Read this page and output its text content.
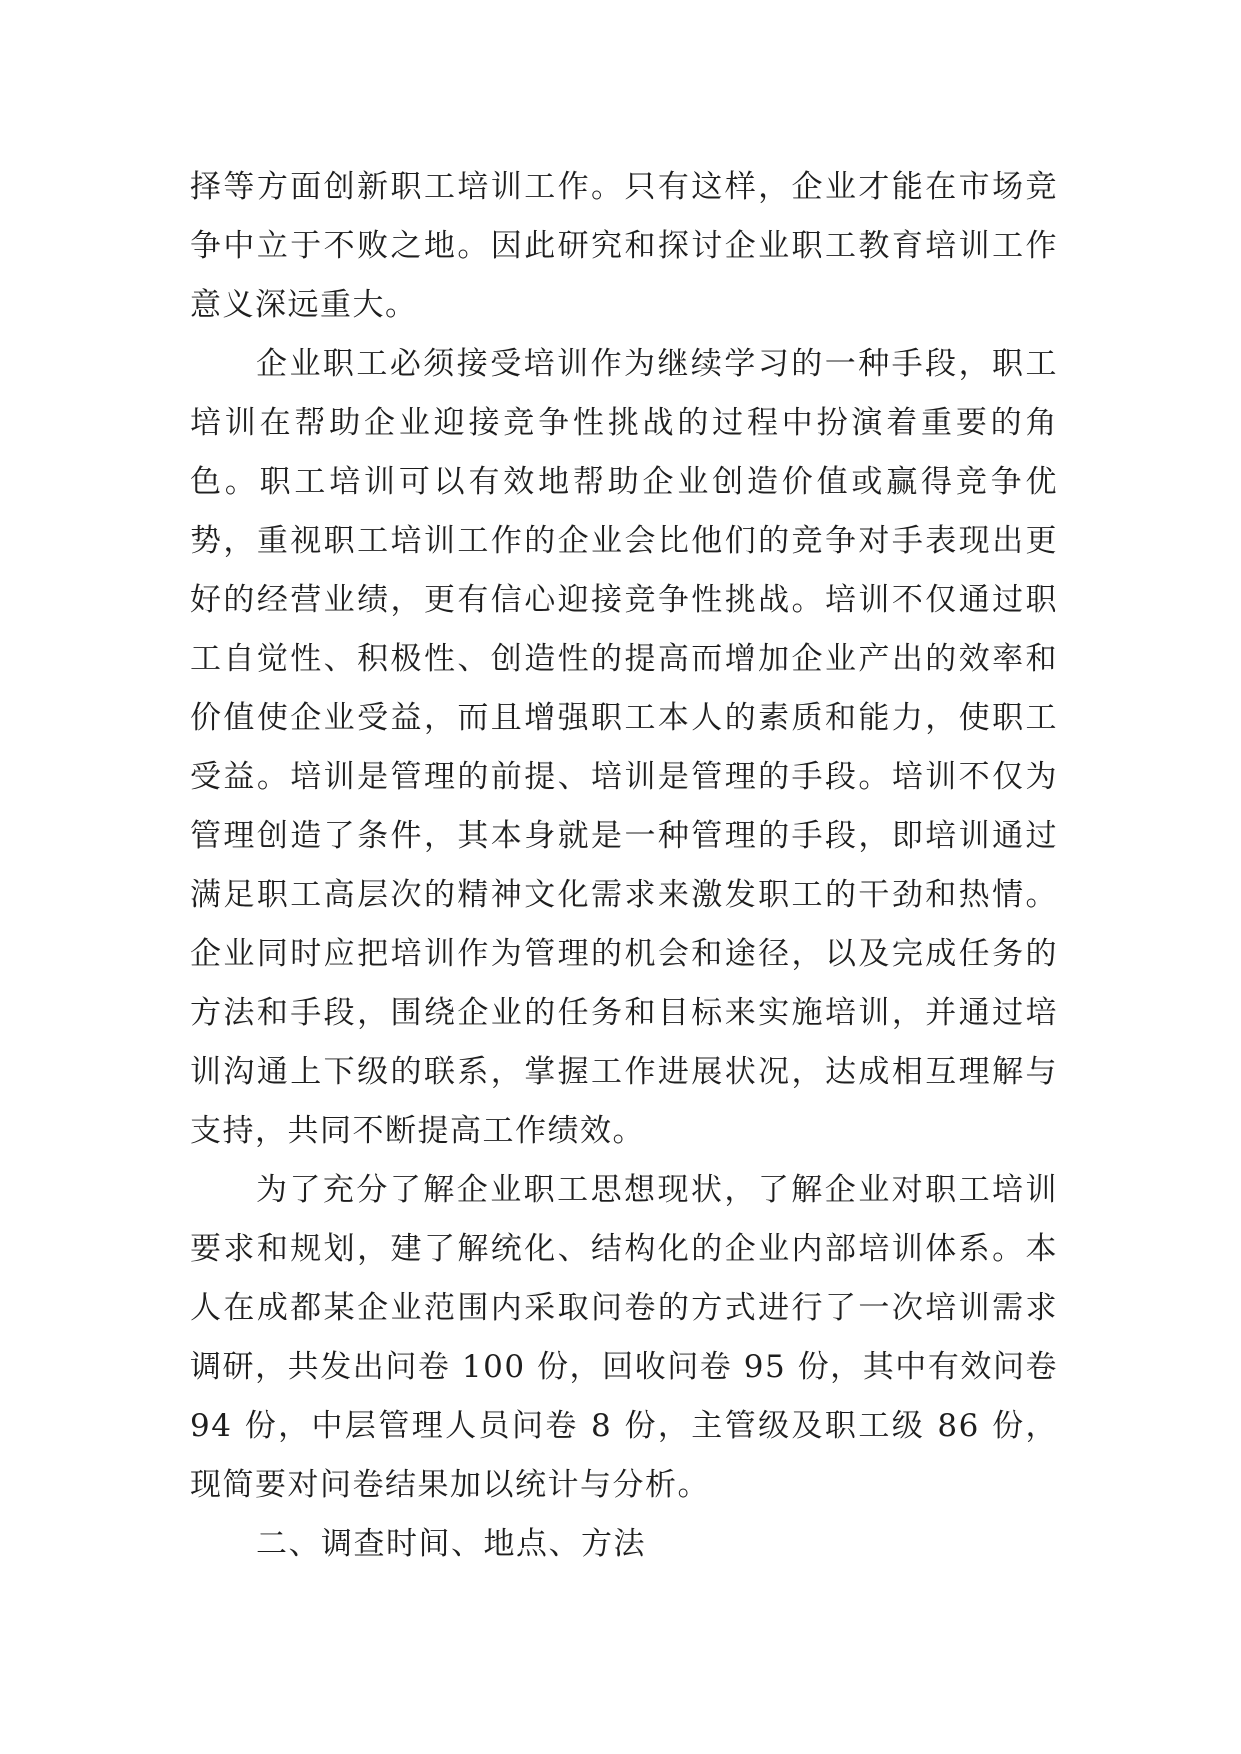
择等方面创新职工培训工作。只有这样，企业才能在市场竞争中立于不败之地。因此研究和探讨企业职工教育培训工作意义深远重大。

企业职工必须接受培训作为继续学习的一种手段，职工培训在帮助企业迎接竞争性挑战的过程中扮演着重要的角色。职工培训可以有效地帮助企业创造价值或赢得竞争优势，重视职工培训工作的企业会比他们的竞争对手表现出更好的经营业绩，更有信心迎接竞争性挑战。培训不仅通过职工自觉性、积极性、创造性的提高而增加企业产出的效率和价值使企业受益，而且增强职工本人的素质和能力，使职工受益。培训是管理的前提、培训是管理的手段。培训不仅为管理创造了条件，其本身就是一种管理的手段，即培训通过满足职工高层次的精神文化需求来激发职工的干劲和热情。企业同时应把培训作为管理的机会和途径，以及完成任务的方法和手段，围绕企业的任务和目标来实施培训，并通过培训沟通上下级的联系，掌握工作进展状况，达成相互理解与支持，共同不断提高工作绩效。

为了充分了解企业职工思想现状，了解企业对职工培训要求和规划，建了解统化、结构化的企业内部培训体系。本人在成都某企业范围内采取问卷的方式进行了一次培训需求调研，共发出问卷 100 份，回收问卷 95 份，其中有效问卷 94 份，中层管理人员问卷 8 份，主管级及职工级 86 份，现简要对问卷结果加以统计与分析。

二、调查时间、地点、方法
